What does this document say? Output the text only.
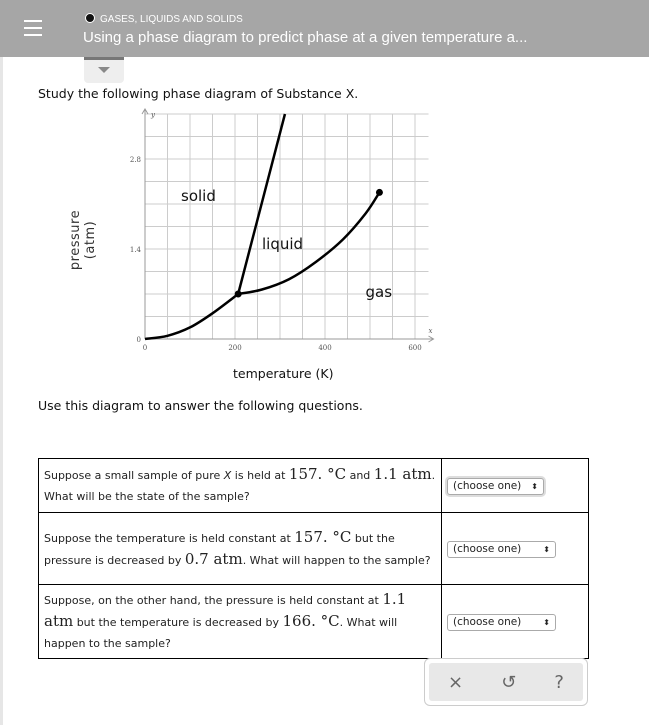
GASES, LIQUIDS AND SOLIDS
Using a phase diagram to predict phase at a given temperature a...
Study the following phase diagram of Substance X.
0	200	400	600
0
1.4
2.8
x
y
solid
liquid
gas
pressure (atm)
temperature (K)
Use this diagram to answer the following questions.
Suppose a small sample of pure X is held at 157. °C and 1.1 atm.
What will be the state of the sample?	(choose one) ⬍
Suppose the temperature is held constant at 157. °C but the pressure is decreased by 0.7 atm. What will happen to the sample?	(choose one) ⬍
Suppose, on the other hand, the pressure is held constant at 1.1 atm but the temperature is decreased by 166. °C. What will happen to the sample?	(choose one) ⬍
× ↺ ?
